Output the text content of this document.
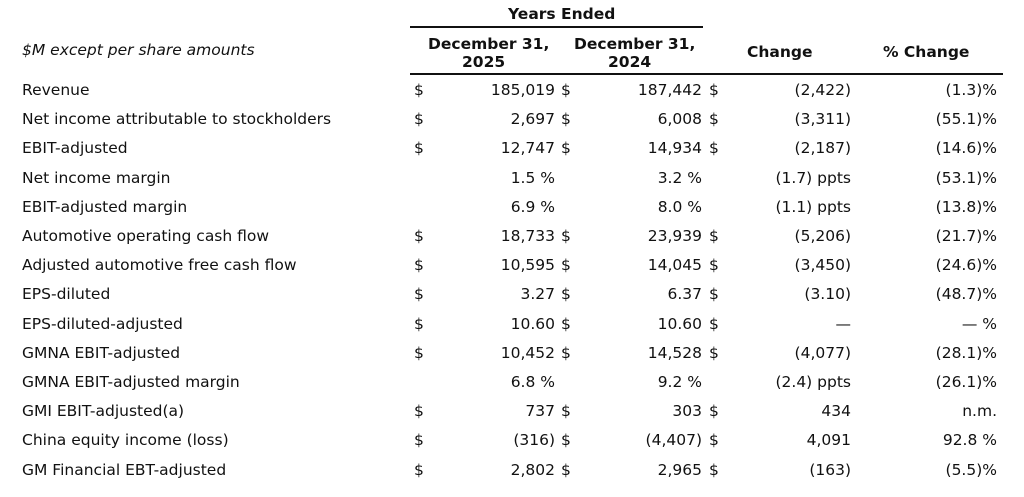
Years Ended
$M except per share amounts	December 31,
2025
December 31,
2024
Change	% Change
Revenue	$	185,019 $	187,442 $	(2,422)	(1.3)%
Net income attributable to stockholders	$	2,697 $	6,008 $	(3,311)	(55.1)%
EBIT-adjusted	$	12,747 $	14,934 $	(2,187)	(14.6)%
Net income margin	1.5 %	3.2 %	(1.7) ppts	(53.1)%
EBIT-adjusted margin	6.9 %	8.0 %	(1.1) ppts	(13.8)%
Automotive operating cash flow	$	18,733 $	23,939 $	(5,206)	(21.7)%
Adjusted automotive free cash flow	$	10,595 $	14,045 $	(3,450)	(24.6)%
EPS-diluted	$	3.27 $	6.37 $	(3.10)	(48.7)%
EPS-diluted-adjusted	$	10.60 $	10.60 $	—	— %
GMNA EBIT-adjusted	$	10,452 $	14,528 $	(4,077)	(28.1)%
GMNA EBIT-adjusted margin	6.8 %	9.2 %	(2.4) ppts	(26.1)%
GMI EBIT-adjusted(a)	$	737 $	303 $	434	n.m.
China equity income (loss)	$	(316) $	(4,407) $	4,091	92.8 %
GM Financial EBT-adjusted	$	2,802 $	2,965 $	(163)	(5.5)%
